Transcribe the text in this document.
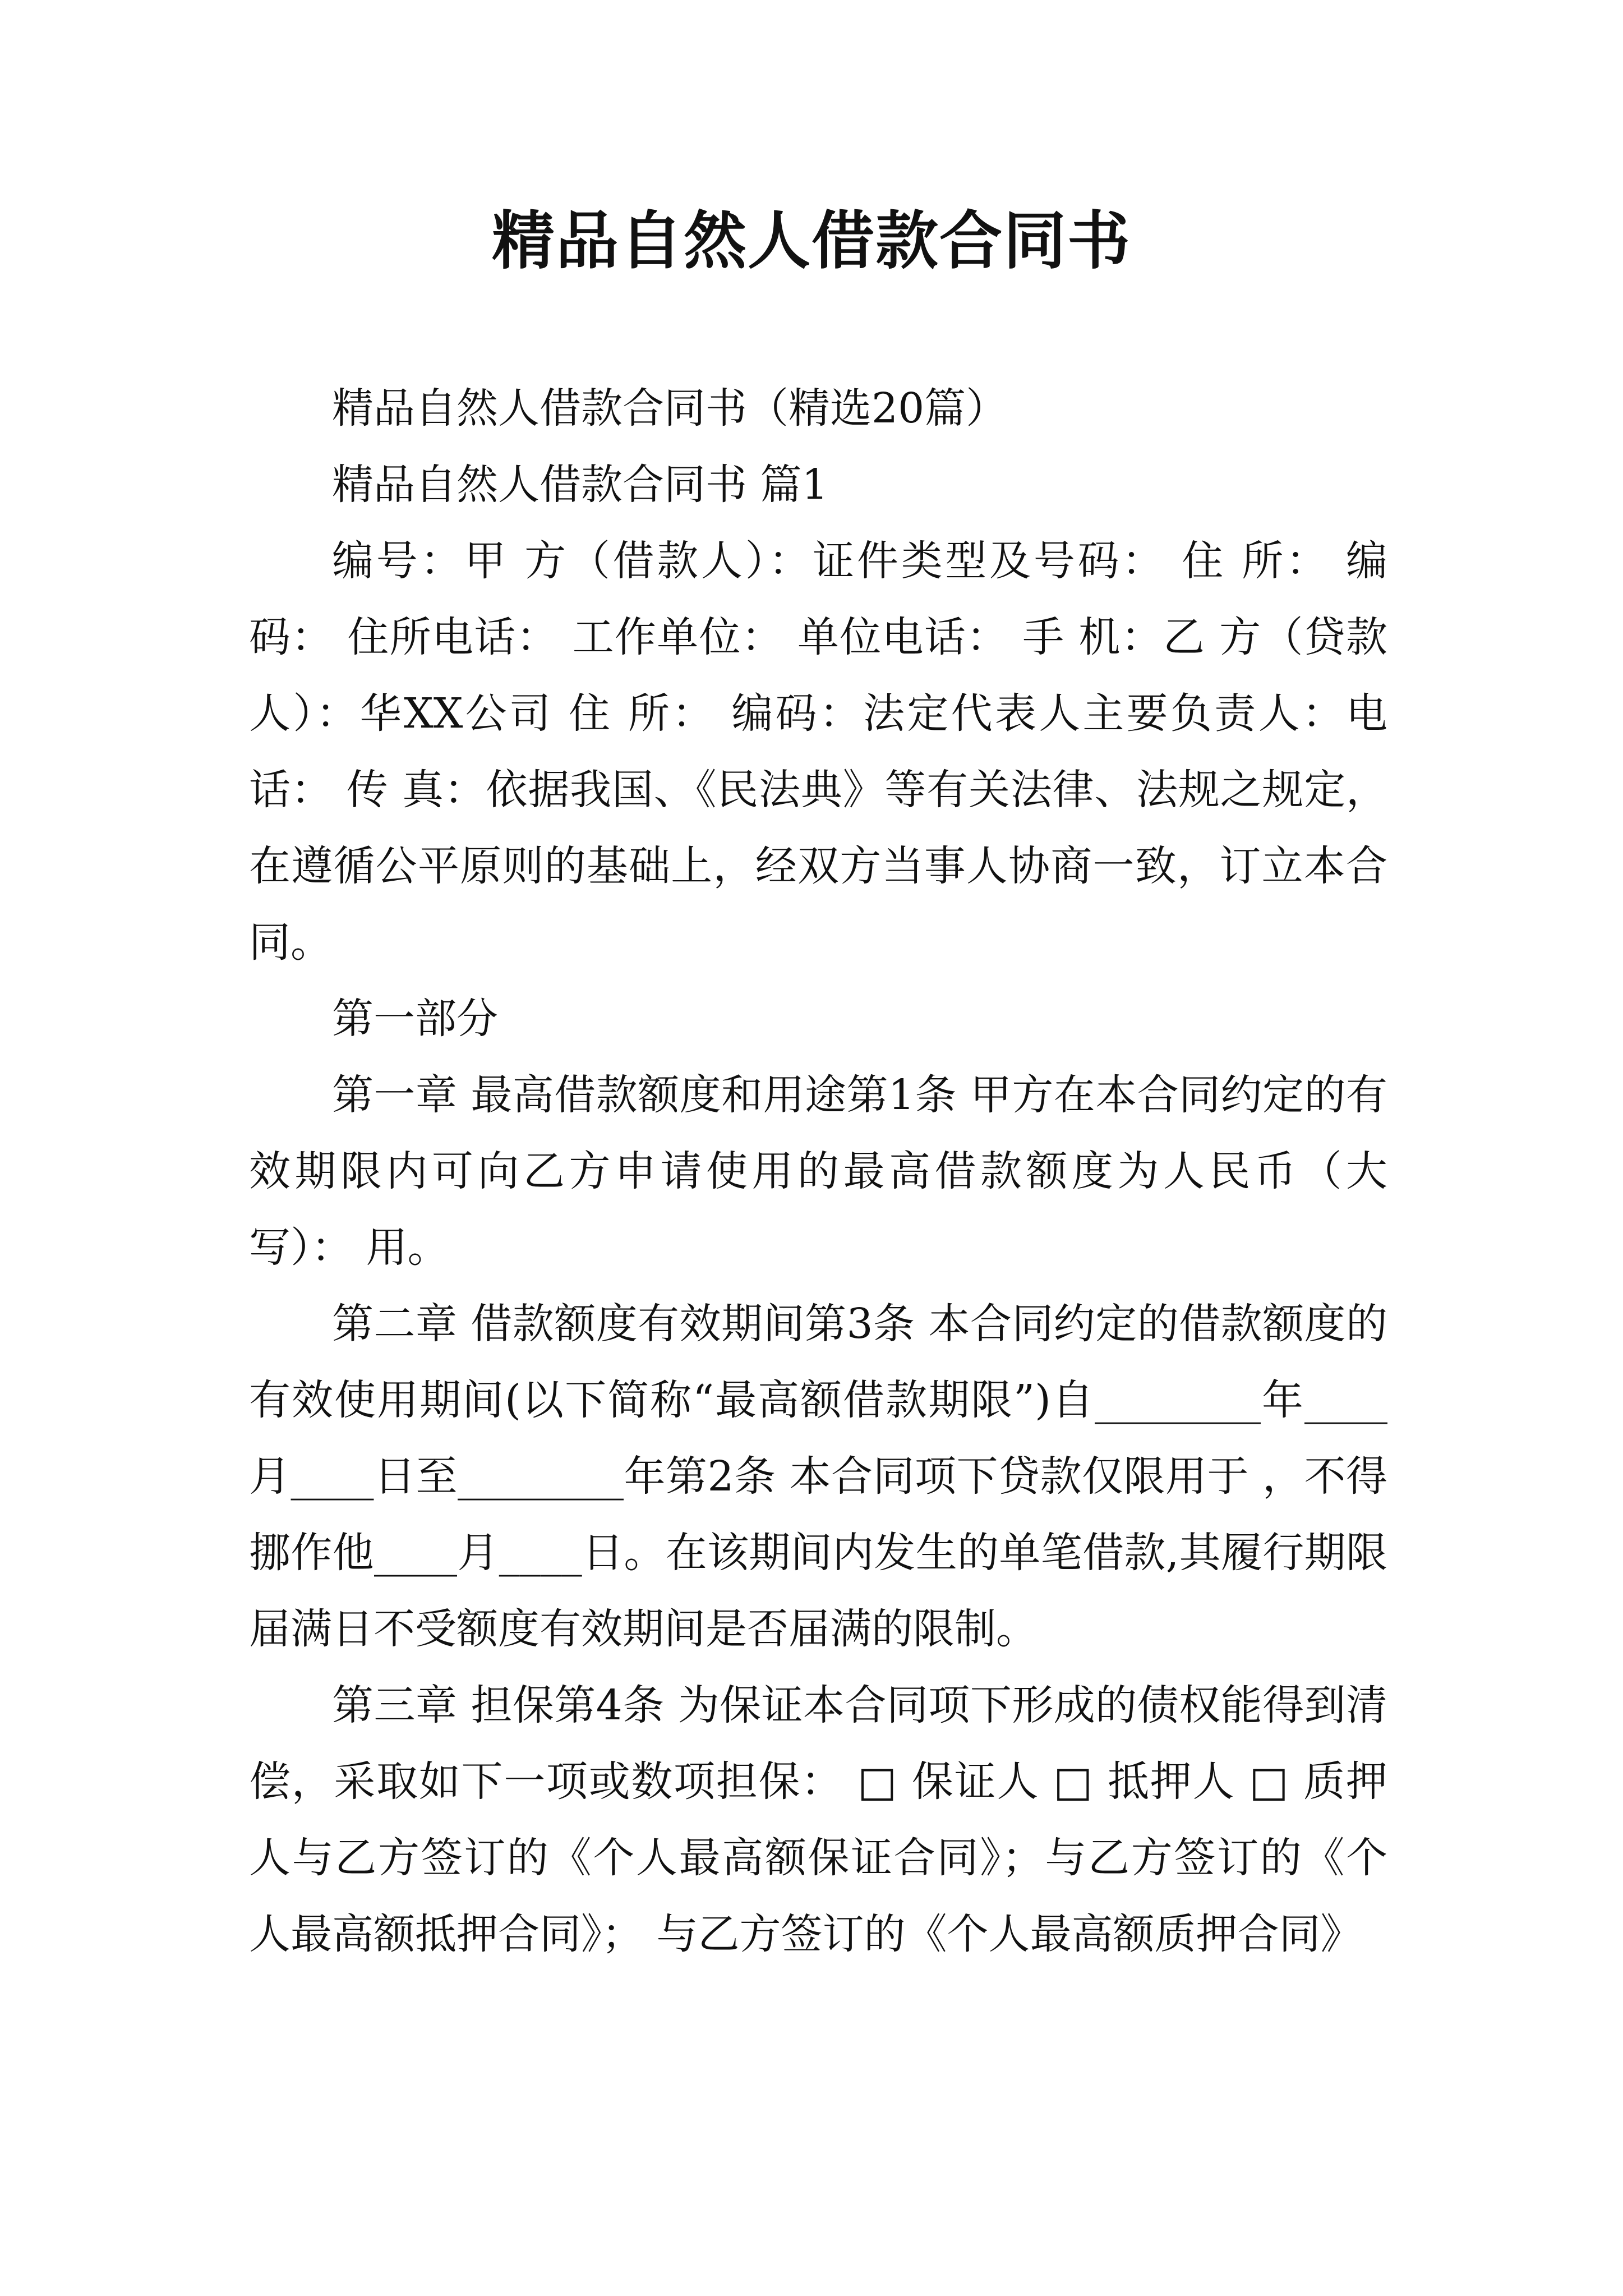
精品自然人借款合同书

精品自然人借款合同书（精选20篇）

精品自然人借款合同书 篇1

编号：甲 方（借款人）：证件类型及号码： 住 所： 编码： 住所电话： 工作单位： 单位电话： 手 机：乙 方（贷款人）：华XX公司 住 所： 编码：法定代表人主要负责人：电 话： 传 真：依据我国、《民法典》等有关法律、法规之规定，在遵循公平原则的基础上，经双方当事人协商一致，订立本合同。

第一部分

第一章 最高借款额度和用途第1条 甲方在本合同约定的有效期限内可向乙方申请使用的最高借款额度为人民币（大写）： 用。

第二章 借款额度有效期间第3条 本合同约定的借款额度的有效使用期间(以下简称“最高额借款期限”)自________年____月____日至________年第2条 本合同项下贷款仅限用于 ，不得挪作他____月____日。在该期间内发生的单笔借款,其履行期限届满日不受额度有效期间是否届满的限制。

第三章 担保第4条 为保证本合同项下形成的债权能得到清偿，采取如下一项或数项担保： □ 保证人 □ 抵押人 □ 质押人与乙方签订的《个人最高额保证合同》；与乙方签订的《个人最高额抵押合同》； 与乙方签订的《个人最高额质押合同》
